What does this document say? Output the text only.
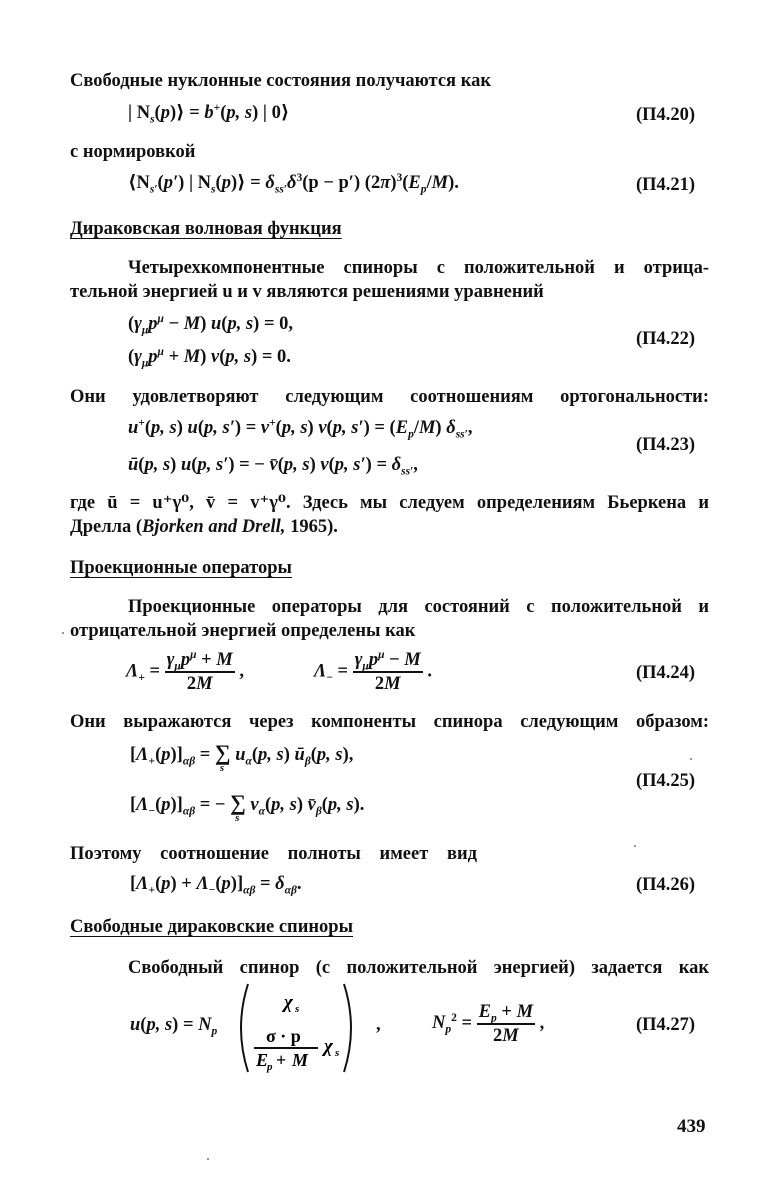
Свободные нуклонные состояния получаются как
| $N_s(p)⟩ = b^+(p$, s) | 0⟩	(П4.20)
с нормировкой
$⟨N_{s'}(p')$ | $N_s(p)⟩ = \delta_{ss'}\delta^3(p - p')$ $(2\pi)^3(E_p/M)$.	(П4.21)
Дираковская волновая функция
Четырехкомпонентные спиноры с положительной и отрица-
тельной энергией u и v являются решениями уравнений
$(\gamma_\mu p^\mu - M)$ u(p, s) = 0,
$(\gamma_\mu p^\mu + M)$ v(p, s) = 0.
(П4.22)
Они удовлетворяют следующим соотношениям ортогональности:
u+(p, s) u(p, s′) = v+(p, s) v(p, $s') = (E_p/M)$ $\delta_{ss'}$,
ū(p, s) u(p, s′) = − v̄(p, s) v(p, $s') = \delta_{ss'}$,
(П4.23)
где ū = u⁺γ⁰, v̄ = v⁺γ⁰. Здесь мы следуем определениям Бьеркена и
Дрелла (Bjorken and Drell, 1965).
Проекционные операторы
Проекционные операторы для состояний с положительной и
отрицательной энергией определены как
$\Lambda_+ = \frac{\gamma_\mu p^\mu + M}{2M}$ ,	$\Lambda_- = \frac{\gamma_\mu p^\mu - M}{2M}$ .	(П4.24)
Они выражаются через компоненты спинора следующим образом:
$[\Lambda_+(p)]_{\alpha\beta}$ = ∑
s
$u_\alpha(p$, s) $ū_\beta(p$, s),
$[\Lambda_-(p)]_{\alpha\beta}$ = − ∑
s
$v_\alpha(p$, s) $v̄_\beta(p$, s).
(П4.25)
Поэтому соотношение полноты имеет вид
$[\Lambda_+(p) + \Lambda_-(p)]_{\alpha\beta} = \delta_{\alpha\beta}$.	(П4.26)
Свободные дираковские спиноры
Свободный спинор (с положительной энергией) задается как
u(p, $s) = N_p$
χ s
σ · p
E
p + M
χ s
,	$N_p^2 = \frac{E_p + M}{2M}$ ,	(П4.27)
439
